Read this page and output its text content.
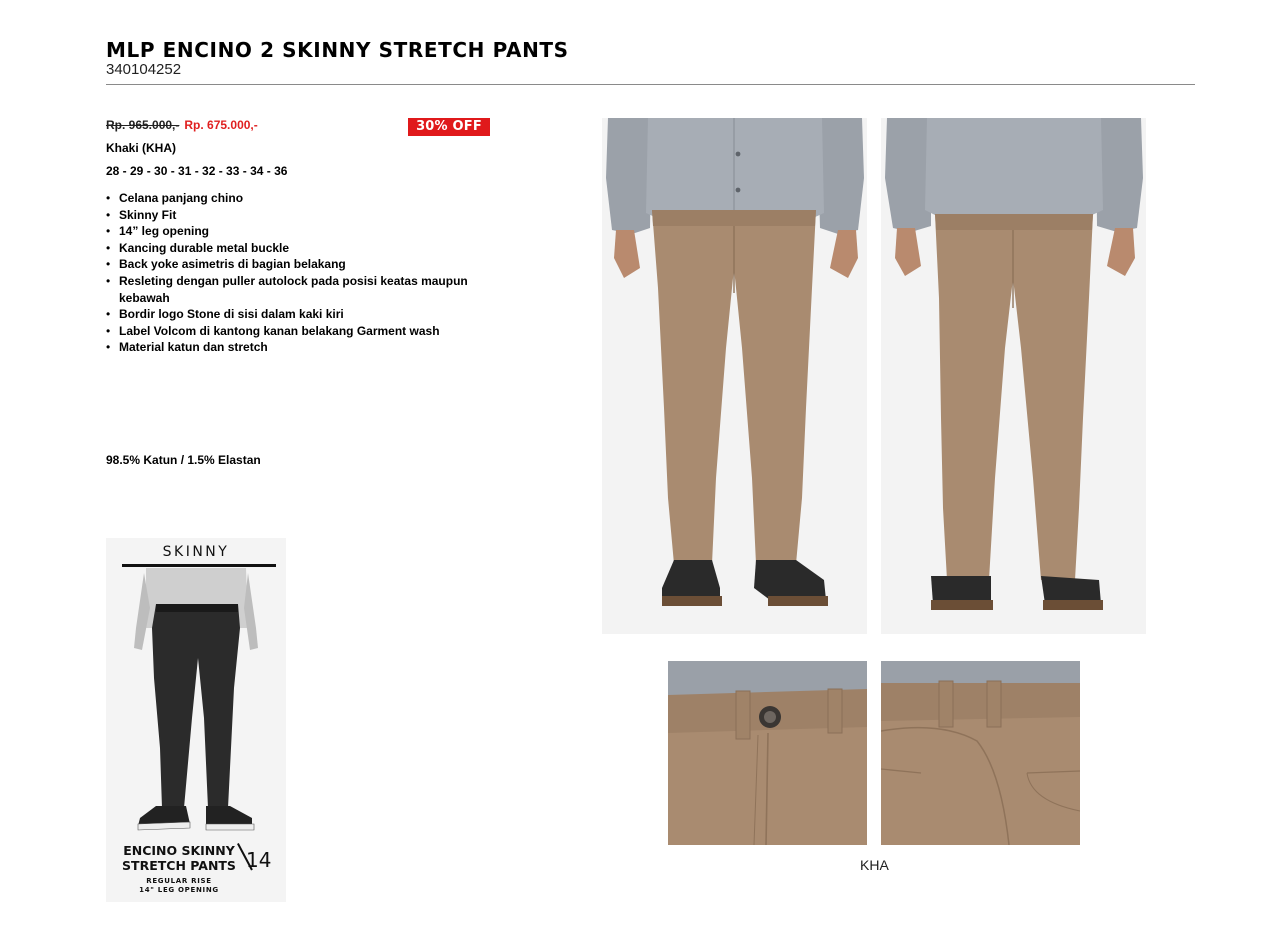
MLP ENCINO 2 SKINNY STRETCH PANTS
340104252
Rp. 965.000,- Rp. 675.000,-	30% OFF
Khaki (KHA)
28 - 29 - 30 - 31 - 32 - 33 - 34 - 36
• Celana panjang chino
• Skinny Fit
• 14” leg opening
• Kancing durable metal buckle
• Back yoke asimetris di bagian belakang
• Resleting dengan puller autolock pada posisi keatas maupun kebawah
• Bordir logo Stone di sisi dalam kaki kiri
• Label Volcom di kantong kanan belakang Garment wash
• Material katun dan stretch
98.5% Katun / 1.5% Elastan
SKINNY
ENCINO SKINNY
STRETCH PANTS
REGULAR RISE
14" LEG OPENING
14	KHA
